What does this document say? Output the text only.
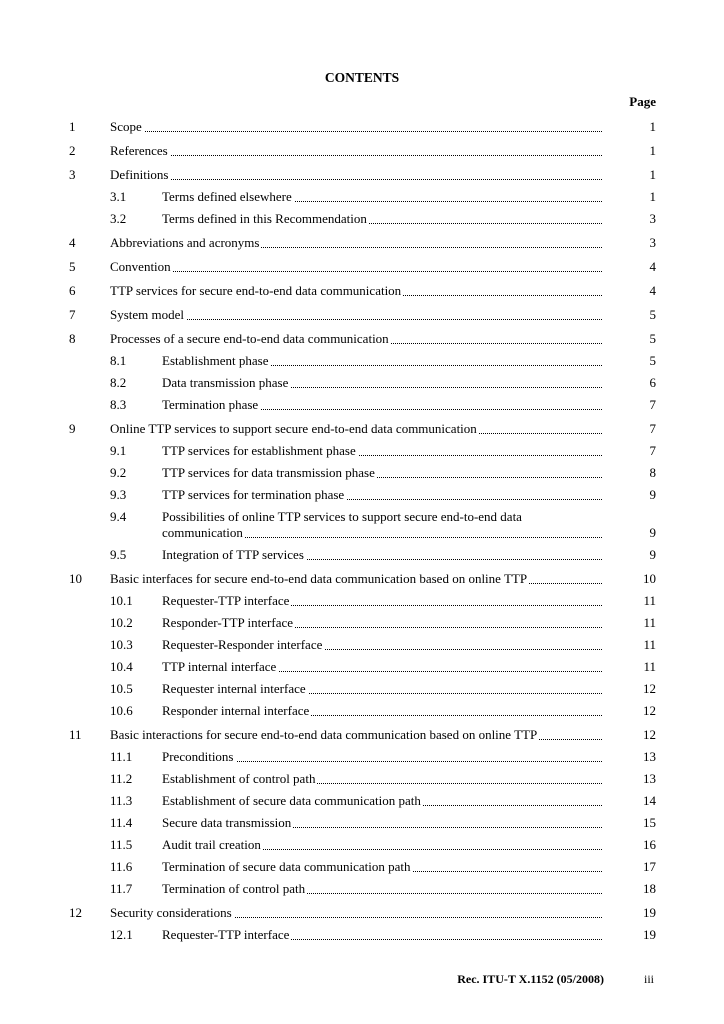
CONTENTS
Page
1	Scope	1
2	References	1
3	Definitions	1
3.1	Terms defined elsewhere	1
3.2	Terms defined in this Recommendation	3
4	Abbreviations and acronyms	3
5	Convention	4
6	TTP services for secure end-to-end data communication	4
7	System model	5
8	Processes of a secure end-to-end data communication	5
8.1	Establishment phase	5
8.2	Data transmission phase	6
8.3	Termination phase	7
9	Online TTP services to support secure end-to-end data communication	7
9.1	TTP services for establishment phase	7
9.2	TTP services for data transmission phase	8
9.3	TTP services for termination phase	9
9.4	Possibilities of online TTP services to support secure end-to-end data
communication	9
9.5	Integration of TTP services	9
10 Basic interfaces for secure end-to-end data communication based on online TTP	10
10.1 Requester-TTP interface	11
10.2 Responder-TTP interface	11
10.3 Requester-Responder interface	11
10.4 TTP internal interface	11
10.5 Requester internal interface	12
10.6 Responder internal interface	12
11 Basic interactions for secure end-to-end data communication based on online TTP	12
11.1 Preconditions	13
11.2 Establishment of control path	13
11.3 Establishment of secure data communication path	14
11.4 Secure data transmission	15
11.5 Audit trail creation	16
11.6 Termination of secure data communication path	17
11.7 Termination of control path	18
12 Security considerations	19
12.1 Requester-TTP interface	19
Rec. ITU-T X.1152 (05/2008)	iii
